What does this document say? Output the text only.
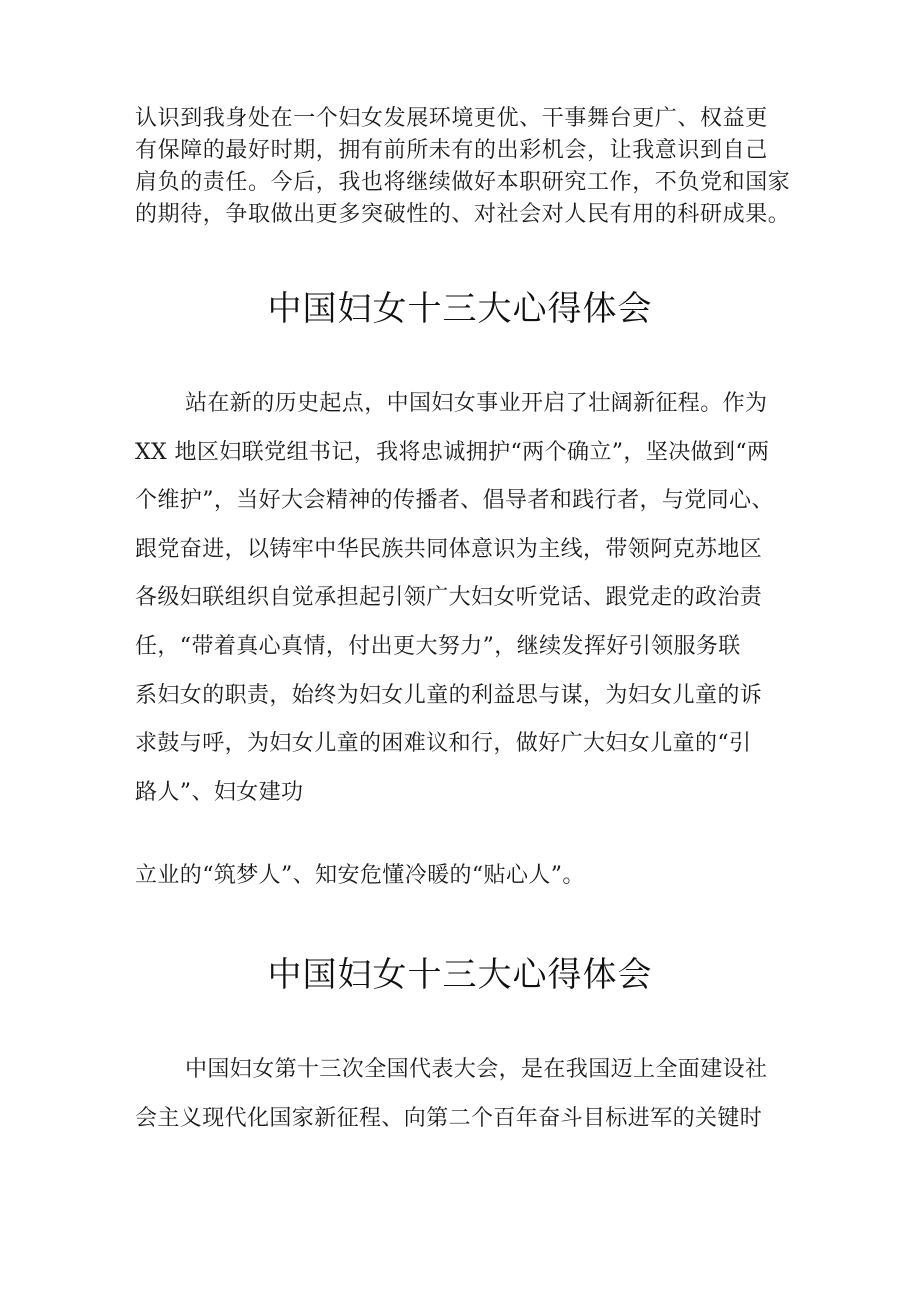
认识到我身处在一个妇女发展环境更优、干事舞台更广、权益更
有保障的最好时期，拥有前所未有的出彩机会，让我意识到自己
肩负的责任。今后，我也将继续做好本职研究工作，不负党和国家
的期待，争取做出更多突破性的、对社会对人民有用的科研成果。
中国妇女十三大心得体会
站在新的历史起点，中国妇女事业开启了壮阔新征程。作为
XX 地区妇联党组书记，我将忠诚拥护“两个确立”，坚决做到“两
个维护”，当好大会精神的传播者、倡导者和践行者，与党同心、
跟党奋进，以铸牢中华民族共同体意识为主线，带领阿克苏地区
各级妇联组织自觉承担起引领广大妇女听党话、跟党走的政治责
任，“带着真心真情，付出更大努力”，继续发挥好引领服务联
系妇女的职责，始终为妇女儿童的利益思与谋，为妇女儿童的诉
求鼓与呼，为妇女儿童的困难议和行，做好广大妇女儿童的“引
路人”、妇女建功
立业的“筑梦人”、知安危懂冷暖的“贴心人”。
中国妇女十三大心得体会
中国妇女第十三次全国代表大会，是在我国迈上全面建设社
会主义现代化国家新征程、向第二个百年奋斗目标进军的关键时
